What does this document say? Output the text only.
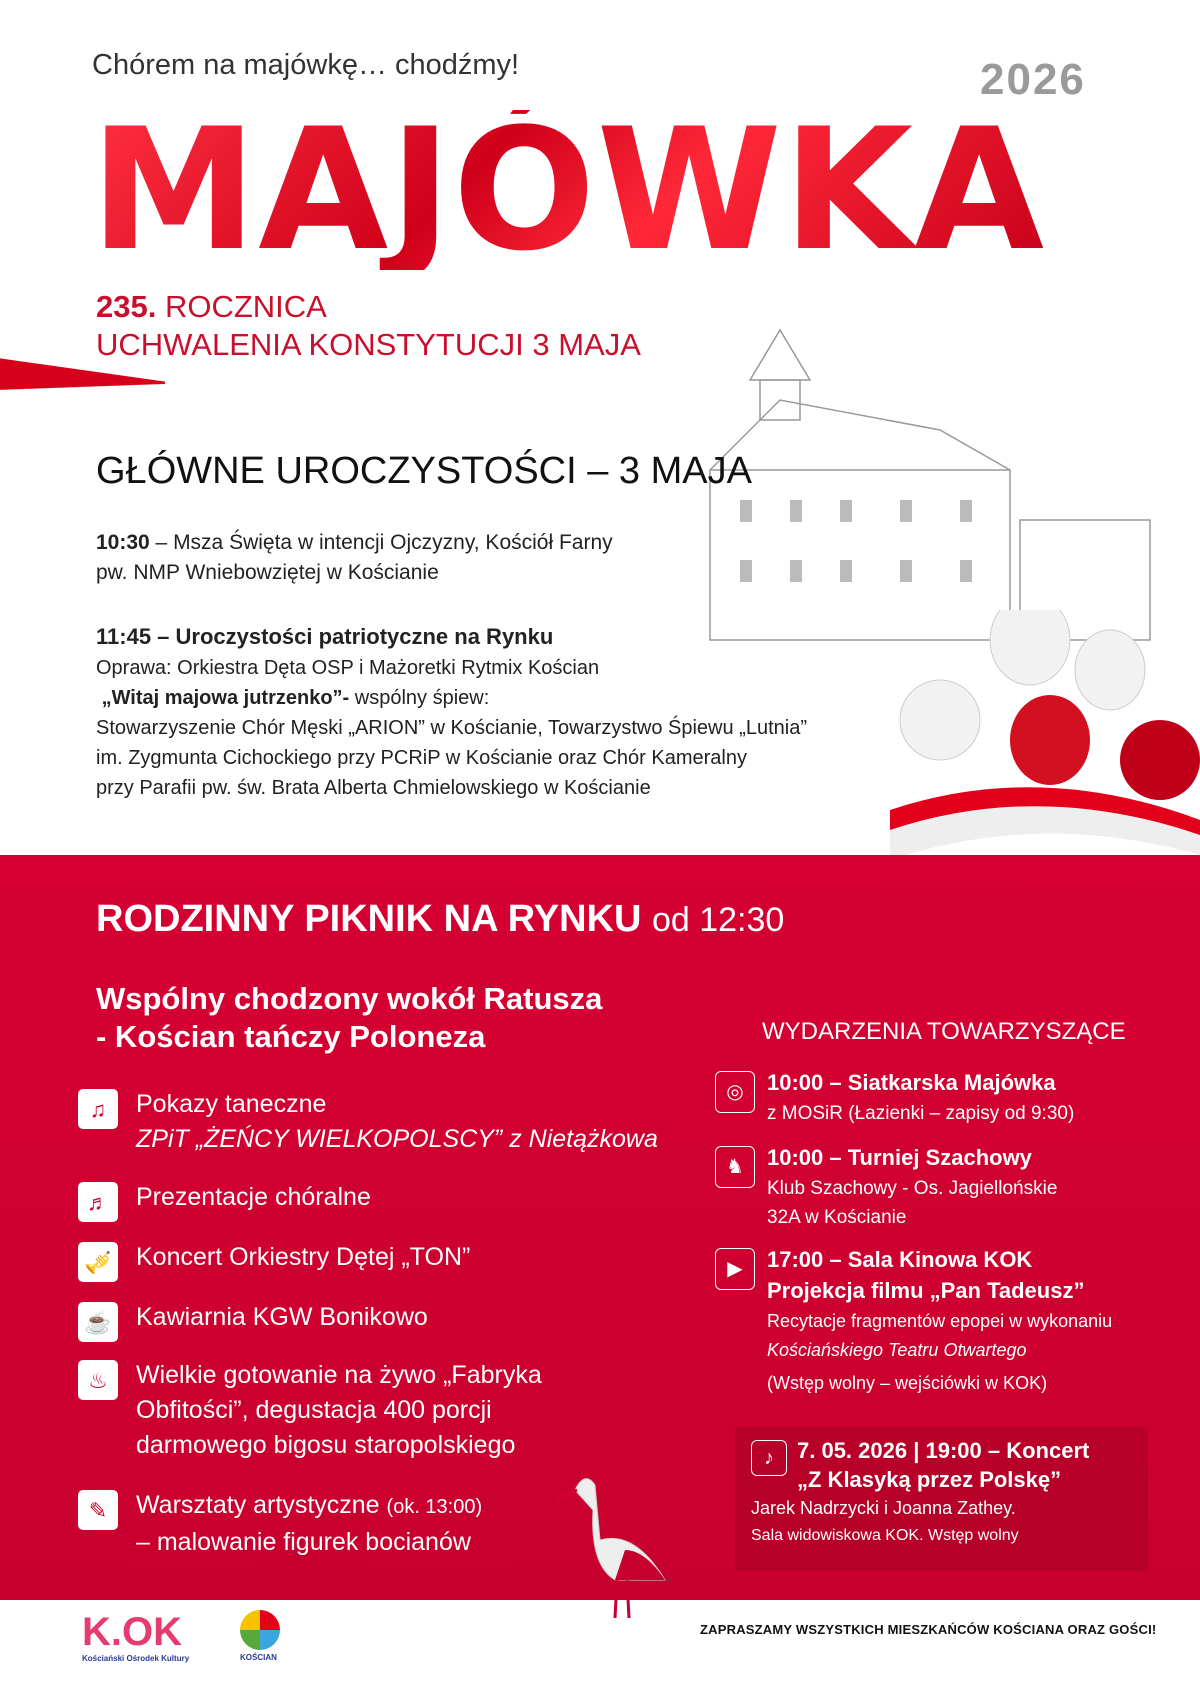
Chórem na majówkę… chodźmy!	2026
MAJÓWKA
235. ROCZNICA
UCHWALENIA KONSTYTUCJI 3 MAJA
GŁÓWNE UROCZYSTOŚCI – 3 MAJA
10:30 – Msza Święta w intencji Ojczyzny, Kościół Farny
pw. NMP Wniebowziętej w Kościanie
11:45 – Uroczystości patriotyczne na Rynku
Oprawa: Orkiestra Dęta OSP i Mażoretki Rytmix Kościan
„Witaj majowa jutrzenko”- wspólny śpiew:
Stowarzyszenie Chór Męski „ARION” w Kościanie, Towarzystwo Śpiewu „Lutnia”
im. Zygmunta Cichockiego przy PCRiP w Kościanie oraz Chór Kameralny
przy Parafii pw. św. Brata Alberta Chmielowskiego w Kościanie
RODZINNY PIKNIK NA RYNKU od 12:30
Wspólny chodzony wokół Ratusza
- Kościan tańczy Poloneza
♫	Pokazy taneczne
ZPiT „ŻEŃCY WIELKOPOLSCY” z Nietążkowa
♬	Prezentacje chóralne
🎺 Koncert Orkiestry Dętej „TON”
☕ Kawiarnia KGW Bonikowo
♨	Wielkie gotowanie na żywo „Fabryka
Obfitości”, degustacja 400 porcji
darmowego bigosu staropolskiego
✎	Warsztaty artystyczne (ok. 13:00)
– malowanie figurek bocianów
WYDARZENIA TOWARZYSZĄCE
◎	10:00 – Siatkarska Majówka
z MOSiR (Łazienki – zapisy od 9:30)
♞	10:00 – Turniej Szachowy
Klub Szachowy - Os. Jagiellońskie
32A w Kościanie
▶	17:00 – Sala Kinowa KOK
Projekcja filmu „Pan Tadeusz”
Recytacje fragmentów epopei w wykonaniu
Kościańskiego Teatru Otwartego
(Wstęp wolny – wejściówki w KOK)
♪	7. 05. 2026 | 19:00 – Koncert
„Z Klasyką przez Polskę”
Jarek Nadrzycki i Joanna Zathey.
Sala widowiskowa KOK. Wstęp wolny
K.OK
Kościański Ośrodek Kultury	KOŚCIAN
ZAPRASZAMY WSZYSTKICH MIESZKAŃCÓW KOŚCIANA ORAZ GOŚCI!
